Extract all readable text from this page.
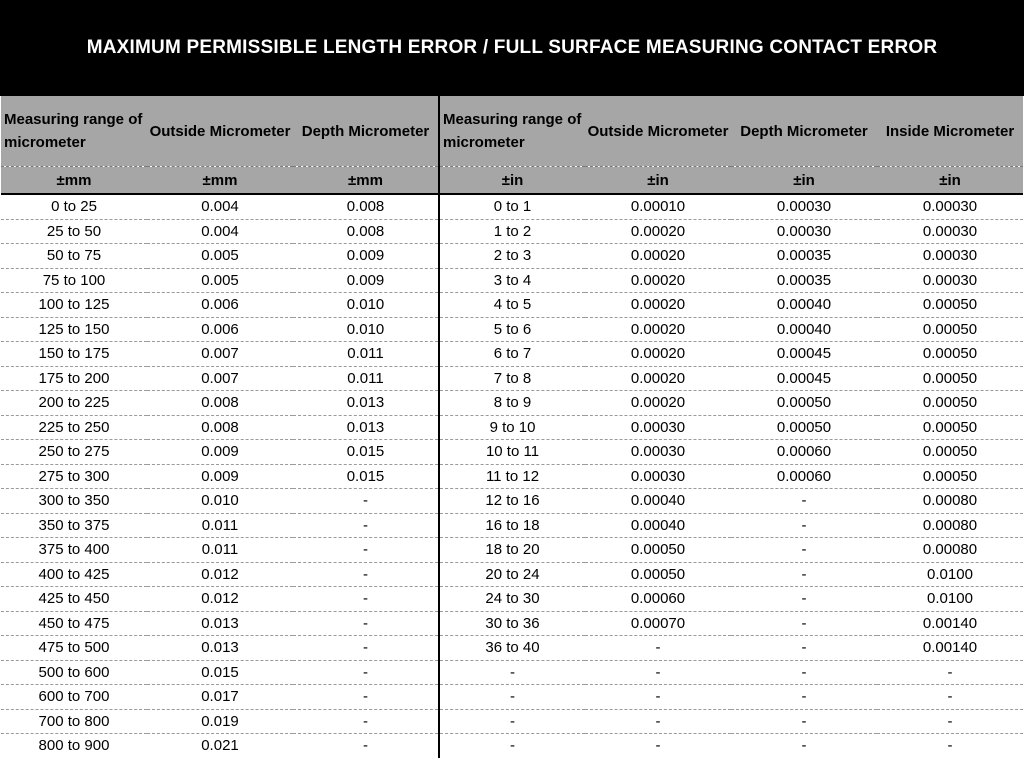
MAXIMUM PERMISSIBLE LENGTH ERROR / FULL SURFACE MEASURING CONTACT ERROR
Measuring range of micrometer	Outside Micrometer	Depth Micrometer	Measuring range of micrometer	Outside Micrometer	Depth Micrometer	Inside Micrometer
±mm	±mm	±mm	±in	±in	±in	±in
0 to 25	0.004	0.008	0 to 1	0.00010	0.00030	0.00030
25 to 50	0.004	0.008	1 to 2	0.00020	0.00030	0.00030
50 to 75	0.005	0.009	2 to 3	0.00020	0.00035	0.00030
75 to 100	0.005	0.009	3 to 4	0.00020	0.00035	0.00030
100 to 125	0.006	0.010	4 to 5	0.00020	0.00040	0.00050
125 to 150	0.006	0.010	5 to 6	0.00020	0.00040	0.00050
150 to 175	0.007	0.011	6 to 7	0.00020	0.00045	0.00050
175 to 200	0.007	0.011	7 to 8	0.00020	0.00045	0.00050
200 to 225	0.008	0.013	8 to 9	0.00020	0.00050	0.00050
225 to 250	0.008	0.013	9 to 10	0.00030	0.00050	0.00050
250 to 275	0.009	0.015	10 to 11	0.00030	0.00060	0.00050
275 to 300	0.009	0.015	11 to 12	0.00030	0.00060	0.00050
300 to 350	0.010	-	12 to 16	0.00040	-	0.00080
350 to 375	0.011	-	16 to 18	0.00040	-	0.00080
375 to 400	0.011	-	18 to 20	0.00050	-	0.00080
400 to 425	0.012	-	20 to 24	0.00050	-	0.0100
425 to 450	0.012	-	24 to 30	0.00060	-	0.0100
450 to 475	0.013	-	30 to 36	0.00070	-	0.00140
475 to 500	0.013	-	36 to 40	-	-	0.00140
500 to 600	0.015	-	-	-	-	-
600 to 700	0.017	-	-	-	-	-
700 to 800	0.019	-	-	-	-	-
800 to 900	0.021	-	-	-	-	-
